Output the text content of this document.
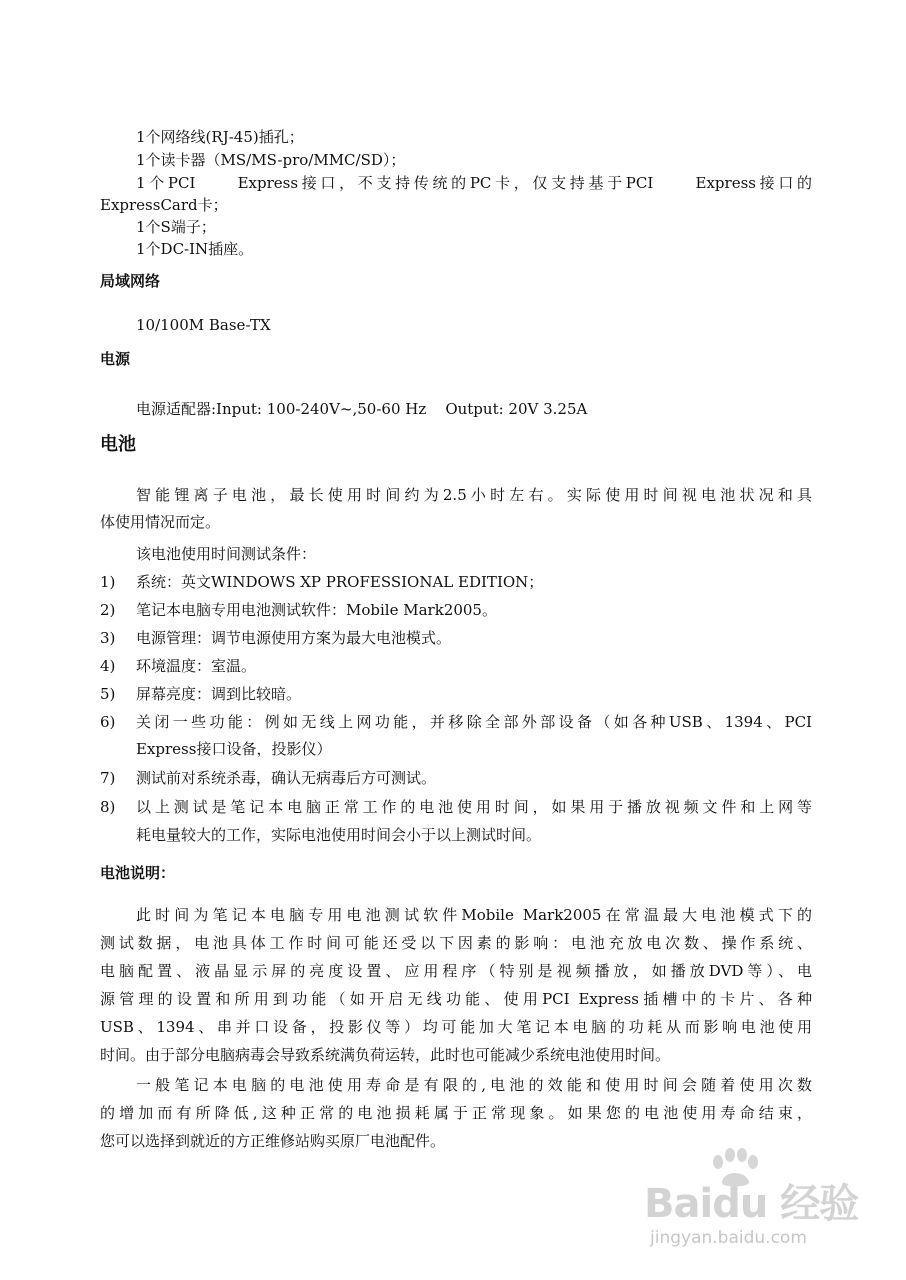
1个网络线(RJ-45)插孔；
1个读卡器（MS/MS-pro/MMC/SD）；
1个PCI     Express接口，不支持传统的PC卡，仅支持基于PCI     Express接口的
ExpressCard卡；
1个S端子；
1个DC-IN插座。
局域网络
10/100M Base-TX
电源
电源适配器:Input: 100-240V~,50-60 Hz    Output: 20V 3.25A
电池
智能锂离子电池，最长使用时间约为2.5小时左右。实际使用时间视电池状况和具
体使用情况而定。
该电池使用时间测试条件：
1) 系统：英文WINDOWS XP PROFESSIONAL EDITION；
2) 笔记本电脑专用电池测试软件：Mobile Mark2005。
3) 电源管理：调节电源使用方案为最大电池模式。
4) 环境温度：室温。
5) 屏幕亮度：调到比较暗。
6) 关闭一些功能：例如无线上网功能，并移除全部外部设备（如各种USB、1394、PCI
Express接口设备，投影仪）
7) 测试前对系统杀毒，确认无病毒后方可测试。
8) 以上测试是笔记本电脑正常工作的电池使用时间，如果用于播放视频文件和上网等
耗电量较大的工作，实际电池使用时间会小于以上测试时间。
电池说明：
此时间为笔记本电脑专用电池测试软件Mobile Mark2005在常温最大电池模式下的
测试数据，电池具体工作时间可能还受以下因素的影响：电池充放电次数、操作系统、
电脑配置、液晶显示屏的亮度设置、应用程序（特别是视频播放，如播放DVD等）、电
源管理的设置和所用到功能（如开启无线功能、使用PCI Express插槽中的卡片、各种
USB、1394、串并口设备，投影仪等）均可能加大笔记本电脑的功耗从而影响电池使用
时间。由于部分电脑病毒会导致系统满负荷运转，此时也可能减少系统电池使用时间。
一般笔记本电脑的电池使用寿命是有限的,电池的效能和使用时间会随着使用次数
的增加而有所降低,这种正常的电池损耗属于正常现象。如果您的电池使用寿命结束，
您可以选择到就近的方正维修站购买原厂电池配件。
Baidu 经验
jingyan.baidu.com
